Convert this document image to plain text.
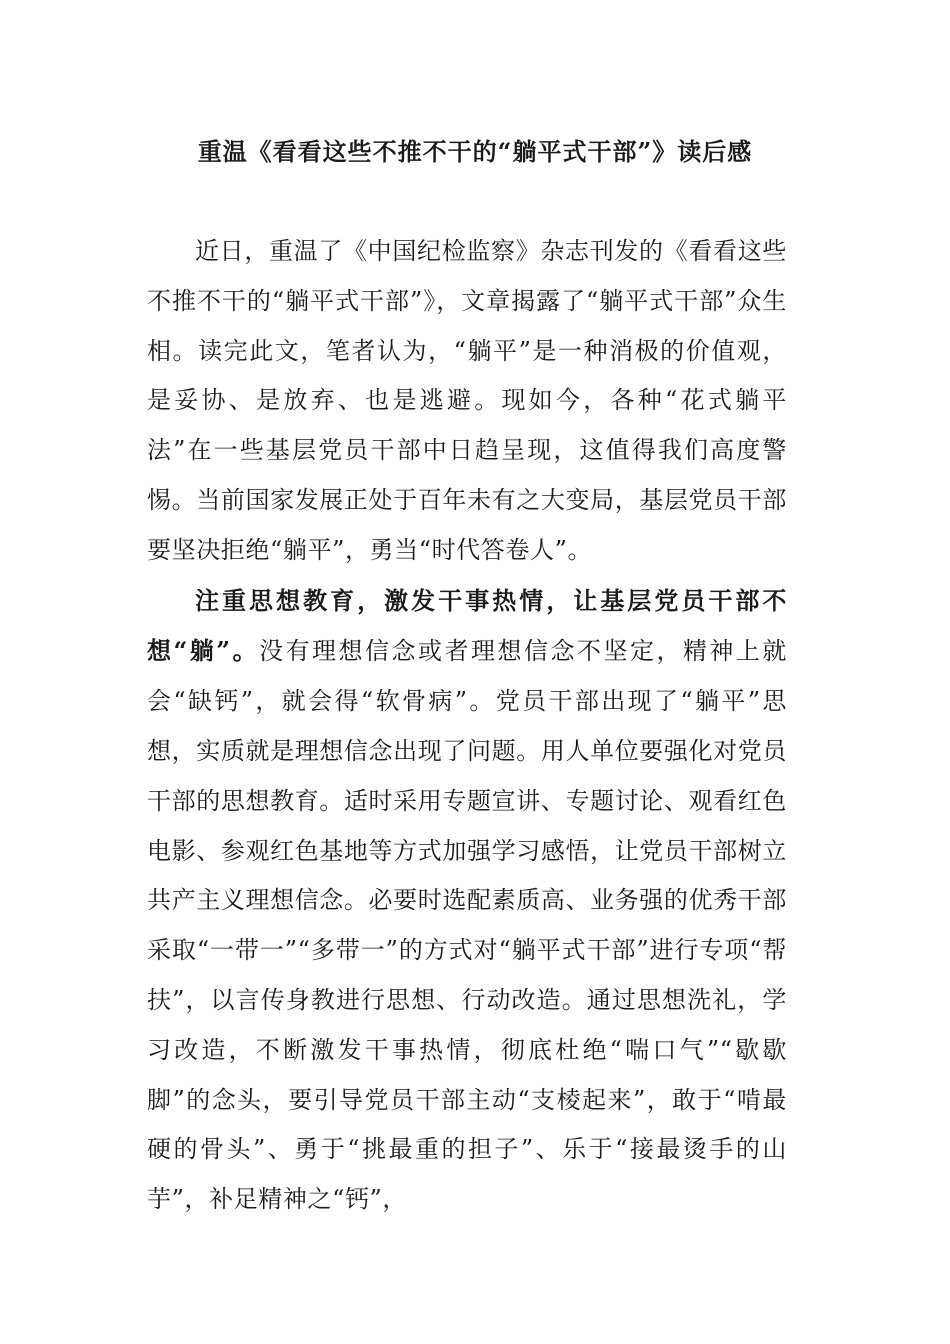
重温《看看这些不推不干的“躺平式干部”》读后感

近日，重温了《中国纪检监察》杂志刊发的《看看这些不推不干的“躺平式干部”》，文章揭露了“躺平式干部”众生相。读完此文，笔者认为，“躺平”是一种消极的价值观，是妥协、是放弃、也是逃避。现如今，各种“花式躺平法”在一些基层党员干部中日趋呈现，这值得我们高度警惕。当前国家发展正处于百年未有之大变局，基层党员干部要坚决拒绝“躺平”，勇当“时代答卷人”。

注重思想教育，激发干事热情，让基层党员干部不想“躺”。没有理想信念或者理想信念不坚定，精神上就会“缺钙”，就会得“软骨病”。党员干部出现了“躺平”思想，实质就是理想信念出现了问题。用人单位要强化对党员干部的思想教育。适时采用专题宣讲、专题讨论、观看红色电影、参观红色基地等方式加强学习感悟，让党员干部树立共产主义理想信念。必要时选配素质高、业务强的优秀干部采取“一带一”“多带一”的方式对“躺平式干部”进行专项“帮扶”，以言传身教进行思想、行动改造。通过思想洗礼，学习改造，不断激发干事热情，彻底杜绝“喘口气”“歇歇脚”的念头，要引导党员干部主动“支棱起来”，敢于“啃最硬的骨头”、勇于“挑最重的担子”、乐于“接最烫手的山芋”，补足精神之“钙”，
